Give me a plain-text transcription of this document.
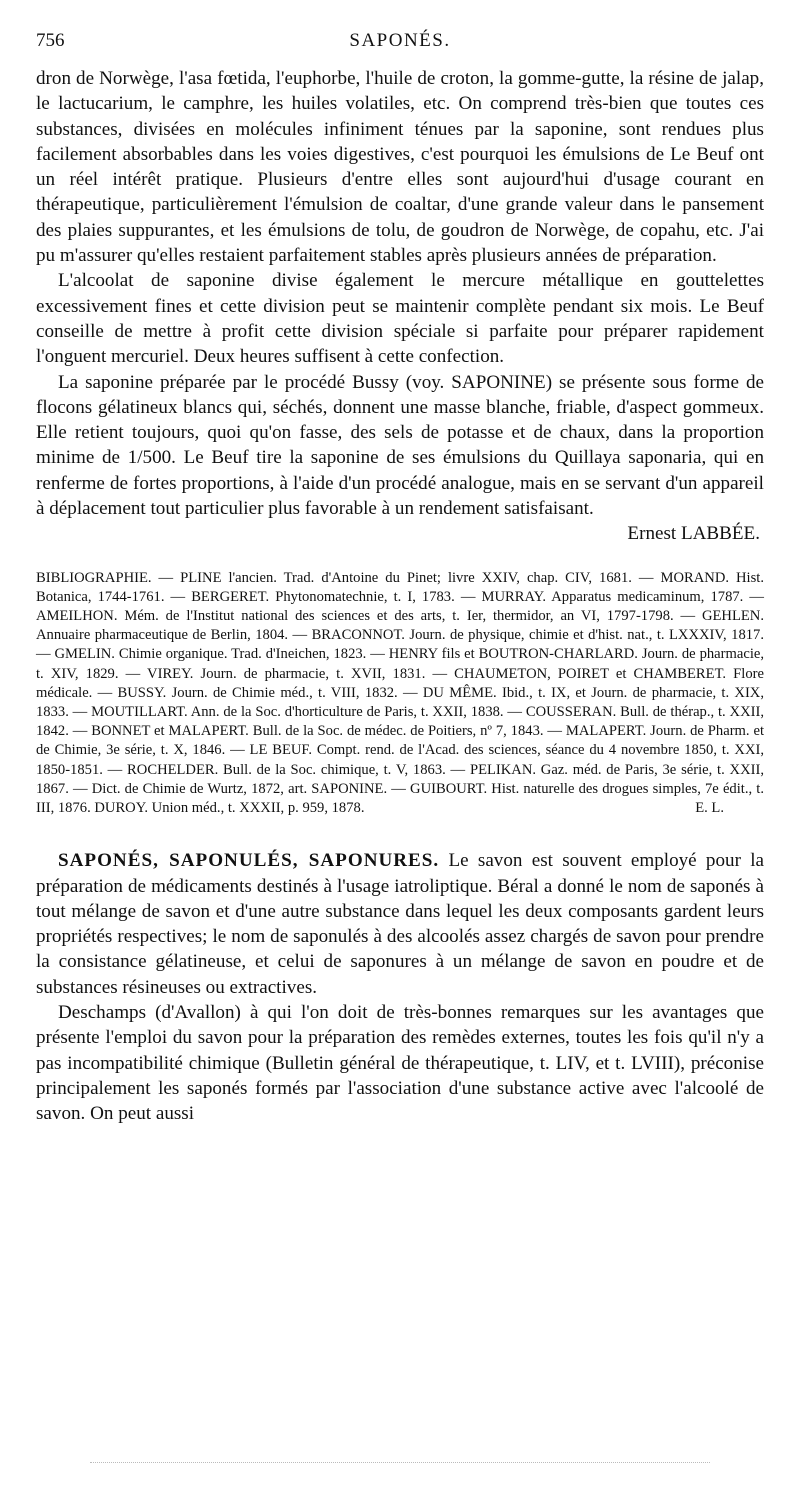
756	SAPONÉS.

dron de Norwège, l'asa fœtida, l'euphorbe, l'huile de croton, la gomme-gutte, la résine de jalap, le lactucarium, le camphre, les huiles volatiles, etc. On comprend très-bien que toutes ces substances, divisées en molécules infiniment ténues par la saponine, sont rendues plus facilement absorbables dans les voies digestives, c'est pourquoi les émulsions de Le Beuf ont un réel intérêt pratique. Plusieurs d'entre elles sont aujourd'hui d'usage courant en thérapeutique, particulièrement l'émulsion de coaltar, d'une grande valeur dans le pansement des plaies suppurantes, et les émulsions de tolu, de goudron de Norwège, de copahu, etc. J'ai pu m'assurer qu'elles restaient parfaitement stables après plusieurs années de préparation.

L'alcoolat de saponine divise également le mercure métallique en gouttelettes excessivement fines et cette division peut se maintenir complète pendant six mois. Le Beuf conseille de mettre à profit cette division spéciale si parfaite pour préparer rapidement l'onguent mercuriel. Deux heures suffisent à cette confection.

La saponine préparée par le procédé Bussy (voy. SAPONINE) se présente sous forme de flocons gélatineux blancs qui, séchés, donnent une masse blanche, friable, d'aspect gommeux. Elle retient toujours, quoi qu'on fasse, des sels de potasse et de chaux, dans la proportion minime de 1/500. Le Beuf tire la saponine de ses émulsions du Quillaya saponaria, qui en renferme de fortes proportions, à l'aide d'un procédé analogue, mais en se servant d'un appareil à déplacement tout particulier plus favorable à un rendement satisfaisant.

Ernest LABBÉE.

BIBLIOGRAPHIE. — PLINE l'ancien. Trad. d'Antoine du Pinet; livre XXIV, chap. CIV, 1681. — MORAND. Hist. Botanica, 1744-1761. — BERGERET. Phytonomatechnie, t. I, 1783. — MURRAY. Apparatus medicaminum, 1787. — AMEILHON. Mém. de l'Institut national des sciences et des arts, t. Ier, thermidor, an VI, 1797-1798. — GEHLEN. Annuaire pharmaceutique de Berlin, 1804. — BRACONNOT. Journ. de physique, chimie et d'hist. nat., t. LXXXIV, 1817. — GMELIN. Chimie organique. Trad. d'Ineichen, 1823. — HENRY fils et BOUTRON-CHARLARD. Journ. de pharmacie, t. XIV, 1829. — VIREY. Journ. de pharmacie, t. XVII, 1831. — CHAUMETON, POIRET et CHAMBERET. Flore médicale. — BUSSY. Journ. de Chimie méd., t. VIII, 1832. — DU MÊME. Ibid., t. IX, et Journ. de pharmacie, t. XIX, 1833. — MOUTILLART. Ann. de la Soc. d'horticulture de Paris, t. XXII, 1838. — COUSSERAN. Bull. de thérap., t. XXII, 1842. — BONNET et MALAPERT. Bull. de la Soc. de médec. de Poitiers, nº 7, 1843. — MALAPERT. Journ. de Pharm. et de Chimie, 3e série, t. X, 1846. — LE BEUF. Compt. rend. de l'Acad. des sciences, séance du 4 novembre 1850, t. XXI, 1850-1851. — ROCHELDER. Bull. de la Soc. chimique, t. V, 1863. — PELIKAN. Gaz. méd. de Paris, 3e série, t. XXII, 1867. — Dict. de Chimie de Wurtz, 1872, art. SAPONINE. — GUIBOURT. Hist. naturelle des drogues simples, 7e édit., t. III, 1876. DUROY. Union méd., t. XXXII, p. 959, 1878.	E. L.

SAPONÉS, SAPONULÉS, SAPONURES. Le savon est souvent employé pour la préparation de médicaments destinés à l'usage iatroliptique. Béral a donné le nom de saponés à tout mélange de savon et d'une autre substance dans lequel les deux composants gardent leurs propriétés respectives; le nom de saponulés à des alcoolés assez chargés de savon pour prendre la consistance gélatineuse, et celui de saponures à un mélange de savon en poudre et de substances résineuses ou extractives.

Deschamps (d'Avallon) à qui l'on doit de très-bonnes remarques sur les avantages que présente l'emploi du savon pour la préparation des remèdes externes, toutes les fois qu'il n'y a pas incompatibilité chimique (Bulletin général de thérapeutique, t. LIV, et t. LVIII), préconise principalement les saponés formés par l'association d'une substance active avec l'alcoolé de savon. On peut aussi
